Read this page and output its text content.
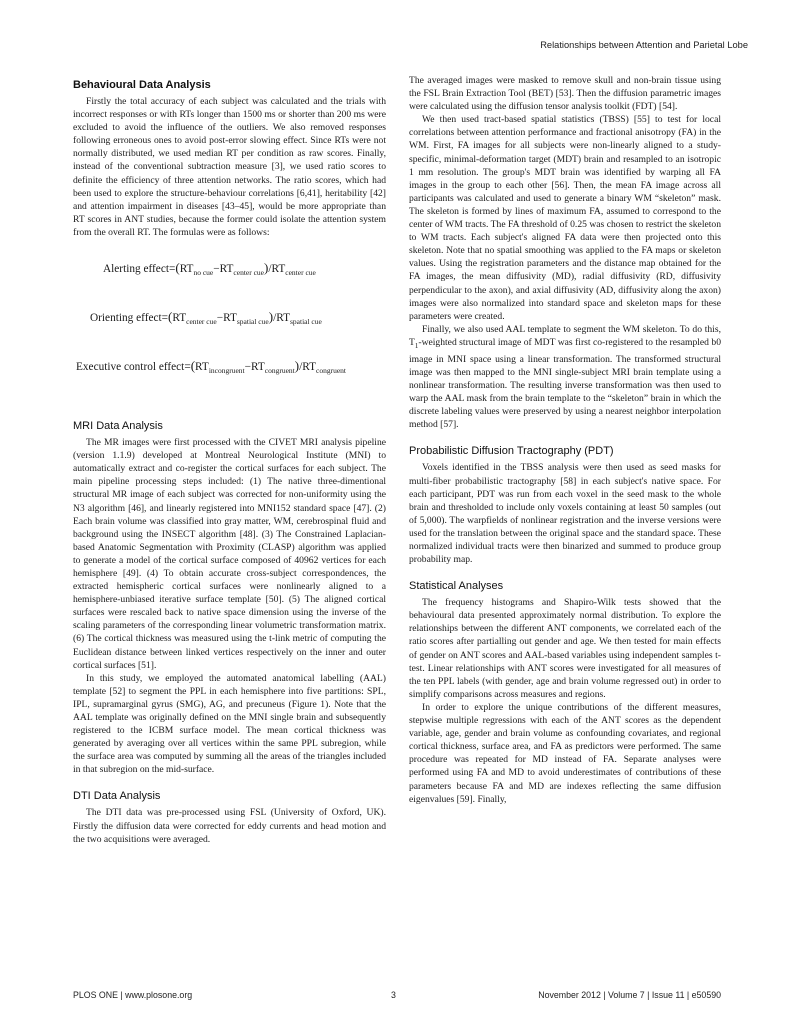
Relationships between Attention and Parietal Lobe
Behavioural Data Analysis

Firstly the total accuracy of each subject was calculated and the trials with incorrect responses or with RTs longer than 1500 ms or shorter than 200 ms were excluded to avoid the influence of the outliers. We also removed responses following erroneous ones to avoid post-error slowing effect. Since RTs were not normally distributed, we used median RT per condition as raw scores. Finally, instead of the conventional subtraction measure [3], we used ratio scores to definite the efficiency of three attention networks. The ratio scores, which had been used to explore the structure-behaviour correlations [6,41], heritability [42] and attention impairment in diseases [43–45], would be more appropriate than RT scores in ANT studies, because the former could isolate the attention system from the overall RT. The formulas were as follows:

Alerting $effect=(RT_{no cue}-RT_{center cue})/RT_{center cue}$
Orienting $effect=(RT_{center cue}-RT_{spatial cue})/RT_{spatial cue}$
Executive control $effect=(RT_{incongruent}-RT_{congruent})/RT_{congruent}$
MRI Data Analysis

The MR images were first processed with the CIVET MRI analysis pipeline (version 1.1.9) developed at Montreal Neurological Institute (MNI) to automatically extract and co-register the cortical surfaces for each subject. The main pipeline processing steps included: (1) The native three-dimentional structural MR image of each subject was corrected for non-uniformity using the N3 algorithm [46], and linearly registered into MNI152 standard space [47]. (2) Each brain volume was classified into gray matter, WM, cerebrospinal fluid and background using the INSECT algorithm [48]. (3) The Constrained Laplacian-based Anatomic Segmentation with Proximity (CLASP) algorithm was applied to generate a model of the cortical surface composed of 40962 vertices for each hemisphere [49]. (4) To obtain accurate cross-subject correspondences, the extracted hemispheric cortical surfaces were nonlinearly aligned to a hemisphere-unbiased iterative surface template [50]. (5) The aligned cortical surfaces were rescaled back to native space dimension using the inverse of the scaling parameters of the corresponding linear volumetric transformation matrix. (6) The cortical thickness was measured using the t-link metric of computing the Euclidean distance between linked vertices respectively on the inner and outer cortical surfaces [51].

In this study, we employed the automated anatomical labelling (AAL) template [52] to segment the PPL in each hemisphere into five partitions: SPL, IPL, supramarginal gyrus (SMG), AG, and precuneus (Figure 1). Note that the AAL template was originally defined on the MNI single brain and subsequently registered to the ICBM surface model. The mean cortical thickness was generated by averaging over all vertices within the same PPL subregion, while the surface area was computed by summing all the areas of the triangles included in that subregion on the mid-surface.

DTI Data Analysis

The DTI data was pre-processed using FSL (University of Oxford, UK). Firstly the diffusion data were corrected for eddy currents and head motion and the two acquisitions were averaged.

The averaged images were masked to remove skull and non-brain tissue using the FSL Brain Extraction Tool (BET) [53]. Then the diffusion parametric images were calculated using the diffusion tensor analysis toolkit (FDT) [54].

We then used tract-based spatial statistics (TBSS) [55] to test for local correlations between attention performance and fractional anisotropy (FA) in the WM. First, FA images for all subjects were non-linearly aligned to a study-specific, minimal-deformation target (MDT) brain and resampled to an isotropic 1 mm resolution. The group's MDT brain was identified by warping all FA images in the group to each other [56]. Then, the mean FA image across all participants was calculated and used to generate a binary WM “skeleton” mask. The skeleton is formed by lines of maximum FA, assumed to correspond to the center of WM tracts. The FA threshold of 0.25 was chosen to restrict the skeleton to WM tracts. Each subject's aligned FA data were then projected onto this skeleton. Note that no spatial smoothing was applied to the FA maps or skeleton values. Using the registration parameters and the distance map obtained for the FA images, the mean diffusivity (MD), radial diffusivity (RD, diffusivity perpendicular to the axon), and axial diffusivity (AD, diffusivity along the axon) images were also normalized into standard space and skeleton maps for these parameters were created.

Finally, we also used AAL template to segment the WM skeleton. To do this, $T_1$-weighted structural image of MDT was first co-registered to the resampled b0 image in MNI space using a linear transformation. The transformed structural image was then mapped to the MNI single-subject MRI brain template using a nonlinear transformation. The resulting inverse transformation was then used to warp the AAL mask from the brain template to the “skeleton” brain in which the discrete labeling values were preserved by using a nearest neighbor interpolation method [57].

Probabilistic Diffusion Tractography (PDT)

Voxels identified in the TBSS analysis were then used as seed masks for multi-fiber probabilistic tractography [58] in each subject's native space. For each participant, PDT was run from each voxel in the seed mask to the whole brain and thresholded to include only voxels containing at least 50 samples (out of 5,000). The warpfields of nonlinear registration and the inverse versions were used for the translation between the original space and the standard space. These normalized individual tracts were then binarized and summed to produce group probability map.

Statistical Analyses

The frequency histograms and Shapiro-Wilk tests showed that the behavioural data presented approximately normal distribution. To explore the relationships between the different ANT components, we correlated each of the ratio scores after partialling out gender and age. We then tested for main effects of gender on ANT scores and AAL-based variables using independent samples t-test. Linear relationships with ANT scores were investigated for all measures of the ten PPL labels (with gender, age and brain volume regressed out) in order to simplify comparisons across measures and regions.

In order to explore the unique contributions of the different measures, stepwise multiple regressions with each of the ANT scores as the dependent variable, age, gender and brain volume as confounding covariates, and regional cortical thickness, surface area, and FA as predictors were performed. The same procedure was repeated for MD instead of FA. Separate analyses were performed using FA and MD to avoid underestimates of contributions of these parameters because FA and MD are indexes reflecting the same diffusion eigenvalues [59]. Finally,

PLOS ONE | www.plosone.org	3	November 2012 | Volume 7 | Issue 11 | e50590
